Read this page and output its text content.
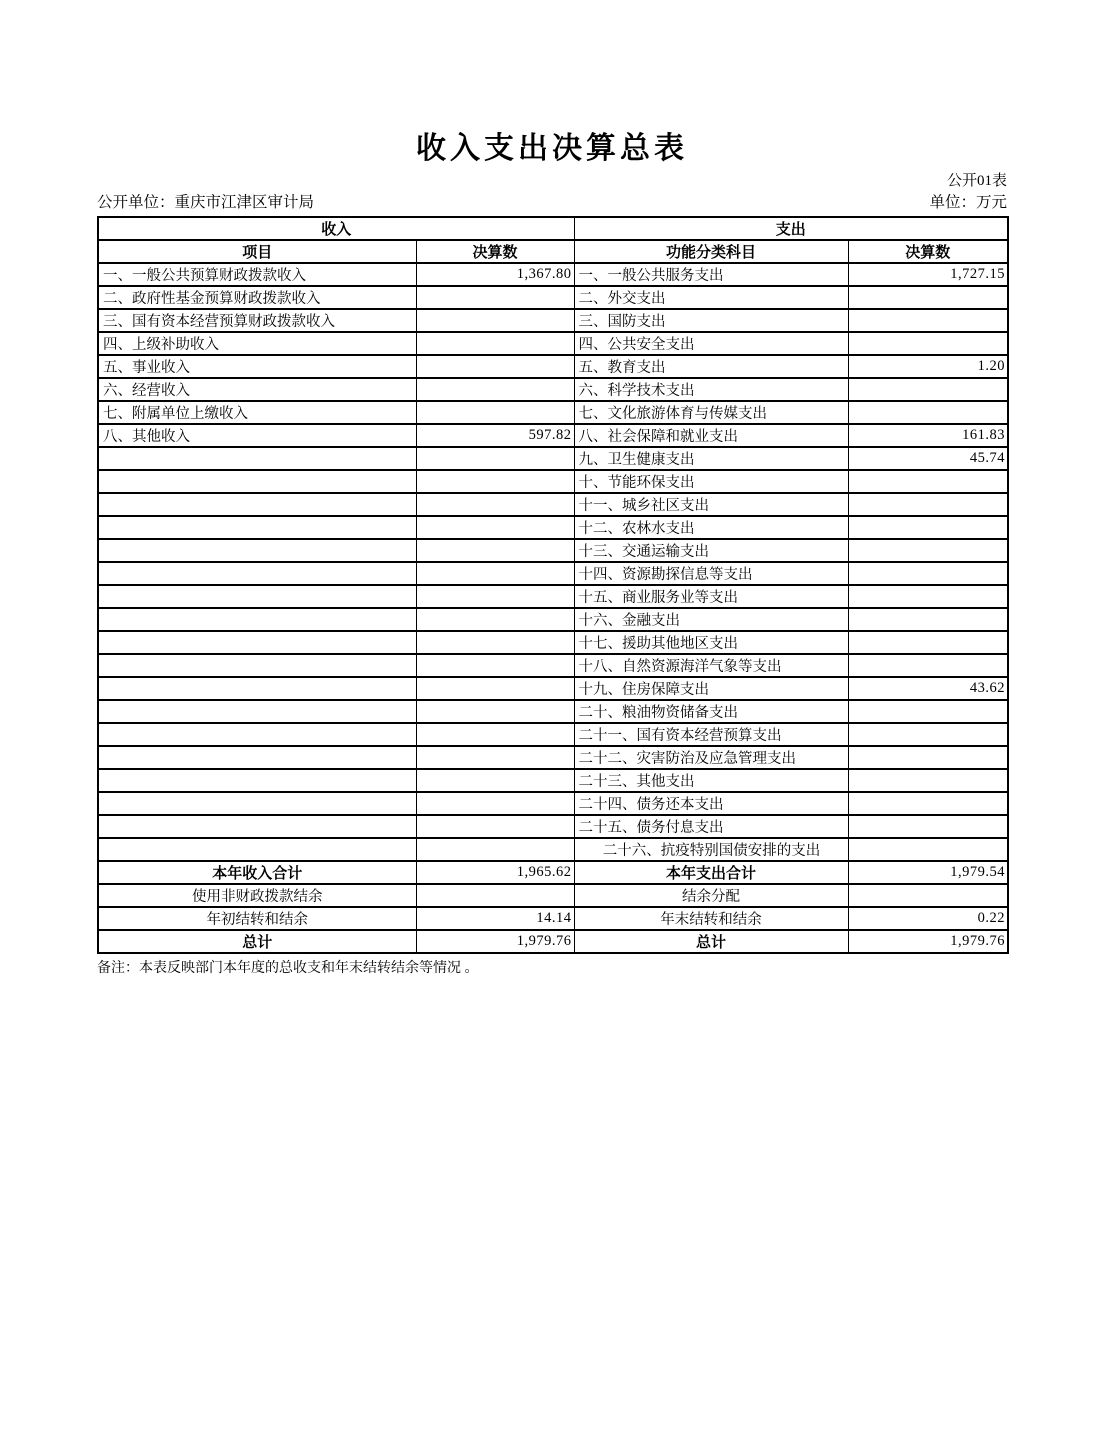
收入支出决算总表
公开01表
公开单位：重庆市江津区审计局	单位：万元
收入		支出	
项目	决算数	功能分类科目	决算数
一、一般公共预算财政拨款收入	1,367.80	一、一般公共服务支出	1,727.15
二、政府性基金预算财政拨款收入		二、外交支出	
三、国有资本经营预算财政拨款收入		三、国防支出	
四、上级补助收入		四、公共安全支出	
五、事业收入		五、教育支出	1.20
六、经营收入		六、科学技术支出	
七、附属单位上缴收入		七、文化旅游体育与传媒支出	
八、其他收入	597.82	八、社会保障和就业支出	161.83
		九、卫生健康支出	45.74
		十、节能环保支出	
		十一、城乡社区支出	
		十二、农林水支出	
		十三、交通运输支出	
		十四、资源勘探信息等支出	
		十五、商业服务业等支出	
		十六、金融支出	
		十七、援助其他地区支出	
		十八、自然资源海洋气象等支出	
		十九、住房保障支出	43.62
		二十、粮油物资储备支出	
		二十一、国有资本经营预算支出	
		二十二、灾害防治及应急管理支出	
		二十三、其他支出	
		二十四、债务还本支出	
		二十五、债务付息支出	
		二十六、抗疫特别国债安排的支出	
本年收入合计	1,965.62	本年支出合计	1,979.54
使用非财政拨款结余		结余分配	
年初结转和结余	14.14	年末结转和结余	0.22
总计	1,979.76	总计	1,979.76
备注：本表反映部门本年度的总收支和年末结转结余等情况 。
